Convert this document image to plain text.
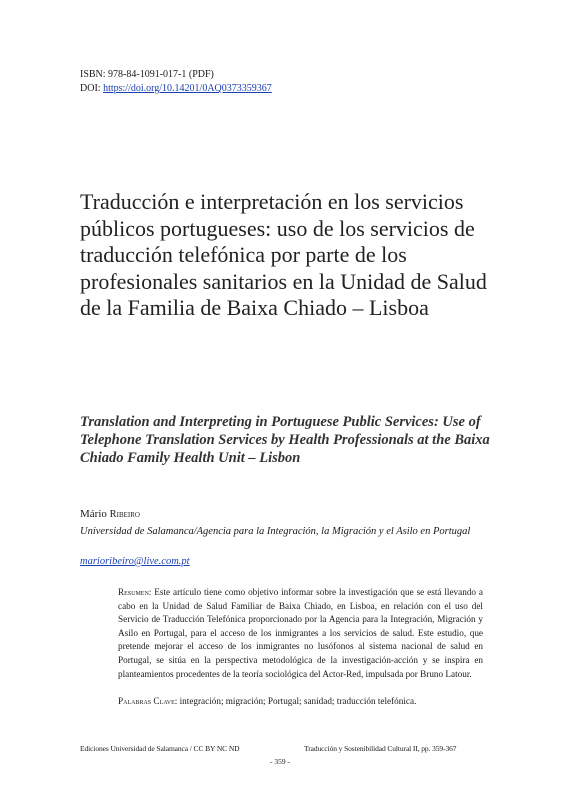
ISBN: 978-84-1091-017-1 (PDF)
DOI: https://doi.org/10.14201/0AQ0373359367
Traducción e interpretación en los servicios públicos portugueses: uso de los servicios de traducción telefónica por parte de los profesionales sanitarios en la Unidad de Salud de la Familia de Baixa Chiado – Lisboa
Translation and Interpreting in Portuguese Public Services: Use of Telephone Translation Services by Health Professionals at the Baixa Chiado Family Health Unit – Lisbon
Mário Ribeiro
Universidad de Salamanca/Agencia para la Integración, la Migración y el Asilo en Portugal
marioribeiro@live.com.pt

Resumen: Este artículo tiene como objetivo informar sobre la investigación que se está llevando a cabo en la Unidad de Salud Familiar de Baixa Chiado, en Lisboa, en relación con el uso del Servicio de Traducción Telefónica proporcionado por la Agencia para la Integración, Migración y Asilo en Portugal, para el acceso de los inmigrantes a los servicios de salud. Este estudio, que pretende mejorar el acceso de los inmigrantes no lusófonos al sistema nacional de salud en Portugal, se sitúa en la perspectiva metodológica de la investigación-acción y se inspira en planteamientos procedentes de la teoría sociológica del Actor-Red, impulsada por Bruno Latour.

Palabras Clave: integración; migración; Portugal; sanidad; traducción telefónica.

Ediciones Universidad de Salamanca / CC BY NC ND	Traducción y Sostenibilidad Cultural II, pp. 359-367
- 359 -
